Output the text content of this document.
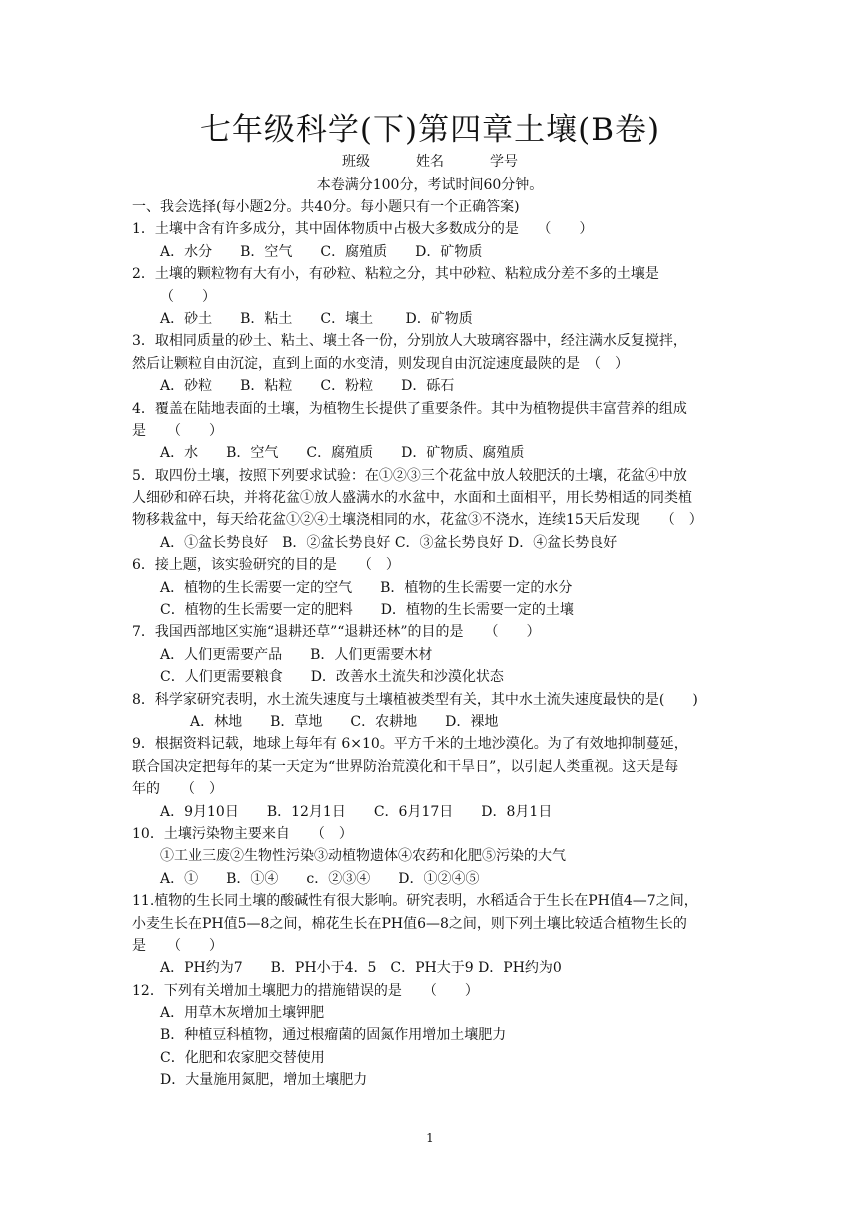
七年级科学(下)第四章土壤(B卷)
班级	姓名	学号
本卷满分100分，考试时间60分钟。
一、我会选择(每小题2分。共40分。每小题只有一个正确答案)
1．土壤中含有许多成分，其中固体物质中占极大多数成分的是　 （　　）
A．水分　　B．空气　　C．腐殖质　　D．矿物质
2．土壤的颗粒物有大有小，有砂粒、粘粒之分，其中砂粒、粘粒成分差不多的土壤是
（　　）
A．砂土　　B．粘土　　C．壤土　　 D．矿物质
3．取相同质量的砂土、粘土、壤土各一份，分别放人大玻璃容器中，经注满水反复搅拌，
然后让颗粒自由沉淀，直到上面的水变清，则发现自由沉淀速度最陕的是　（　）
A．砂粒　　B．粘粒　　C．粉粒　　D．砾石
4．覆盖在陆地表面的土壤，为植物生长提供了重要条件。其中为植物提供丰富营养的组成
是　　（　　）
A．水　　B．空气　　C．腐殖质　　D．矿物质、腐殖质
5．取四份土壤，按照下列要求试验：在①②③三个花盆中放人较肥沃的土壤，花盆④中放
人细砂和碎石块，并将花盆①放人盛满水的水盆中，水面和土面相平，用长势相适的同类植
物移栽盆中，每天给花盆①②④土壤浇相同的水，花盆③不浇水，连续15天后发现　　（　）
A．①盆长势良好　B．②盆长势良好 C．③盆长势良好 D．④盆长势良好
6．接上题，该实验研究的目的是　　（　）
A．植物的生长需要一定的空气　　B．植物的生长需要一定的水分
C．植物的生长需要一定的肥料　　D．植物的生长需要一定的土壤
7．我国西部地区实施“退耕还草”“退耕还林”的目的是　　（　　）
A．人们更需要产品　　B．人们更需要木材
C．人们更需要粮食　　D．改善水土流失和沙漠化状态
8．科学家研究表明，水土流失速度与土壤植被类型有关，其中水土流失速度最快的是(　　)
A．林地　　B．草地　　C．农耕地　　D．裸地
9．根据资料记载，地球上每年有 6×10。平方千米的土地沙漠化。为了有效地抑制蔓延，
联合国决定把每年的某一天定为“世界防治荒漠化和干旱日”，以引起人类重视。这天是每
年的　　（　）
A．9月10日　　B．12月1日　　C．6月17日　　D．8月1日
10．土壤污染物主要来自　　（　）
①工业三废②生物性污染③动植物遗体④农药和化肥⑤污染的大气
A．①　　B．①④　　c．②③④　　D．①②④⑤
11.植物的生长同土壤的酸碱性有很大影响。研究表明，水稻适合于生长在PH值4—7之间，
小麦生长在PH值5—8之间，棉花生长在PH值6—8之间，则下列土壤比较适合植物生长的
是　　（　　）
A．PH约为7　　B．PH小于4．5　C．PH大于9 D．PH约为0
12．下列有关增加土壤肥力的措施错误的是　　（　　）
A．用草木灰增加土壤钾肥
B．种植豆科植物，通过根瘤菌的固氮作用增加土壤肥力
C．化肥和农家肥交替使用
D．大量施用氮肥，增加土壤肥力
1
